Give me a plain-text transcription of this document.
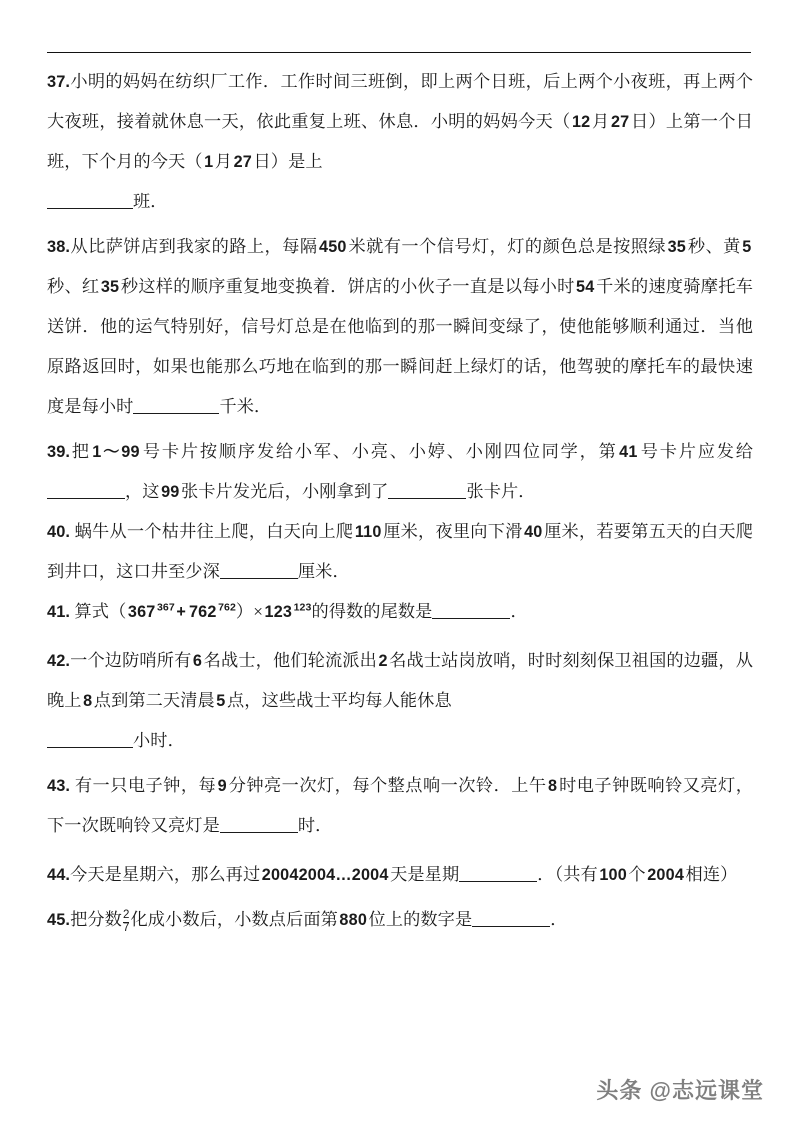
37.小明的妈妈在纺织厂工作．工作时间三班倒，即上两个日班，后上两个小夜班，再上两个大夜班，接着就休息一天，依此重复上班、休息．小明的妈妈今天（12月27日）上第一个日班，下个月的今天（1月27日）是上
班．

38.从比萨饼店到我家的路上，每隔450米就有一个信号灯，灯的颜色总是按照绿35秒、黄5秒、红35秒这样的顺序重复地变换着．饼店的小伙子一直是以每小时54千米的速度骑摩托车送饼．他的运气特别好，信号灯总是在他临到的那一瞬间变绿了，使他能够顺利通过．当他原路返回时，如果也能那么巧地在临到的那一瞬间赶上绿灯的话，他驾驶的摩托车的最快速度是每小时	千米．

39.把1～99号卡片按顺序发给小军、小亮、小婷、小刚四位同学，第41号卡片应发给，这99张卡片发光后，小刚拿到了	张卡片．

40. 蜗牛从一个枯井往上爬，白天向上爬110厘米，夜里向下滑40厘米，若要第五天的白天爬到井口，这口井至少深	厘米．

41. 算式（367 $^{367}$+ 762 $^{762}$）×123 $^{123}$的得数的尾数是	．

42.一个边防哨所有6名战士，他们轮流派出2名战士站岗放哨，时时刻刻保卫祖国的边疆，从晚上8点到第二天清晨5点，这些战士平均每人能休息
小时．

43. 有一只电子钟，每9分钟亮一次灯，每个整点响一次铃．上午8时电子钟既响铃又亮灯，下一次既响铃又亮灯是	时．

44.今天是星期六，那么再过20042004…2004天是星期	．（共有100个2004相连）

45.把分数$\frac{2}{7}$ 化成小数后，小数点后面第880位上的数字是	．

头条 @志远课堂
